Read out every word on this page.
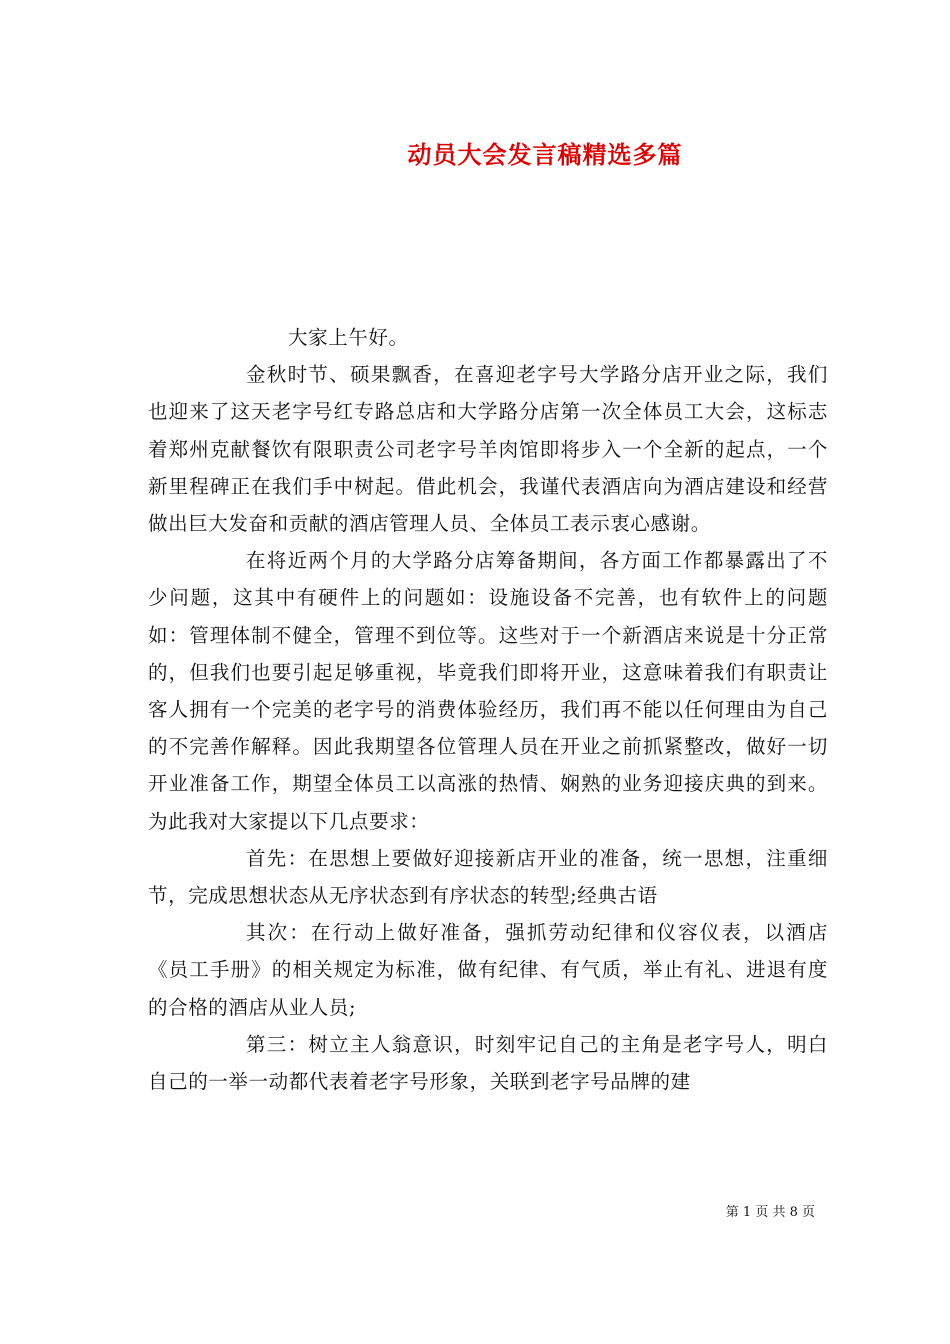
动员大会发言稿精选多篇

大家上午好。

金秋时节、硕果飘香，在喜迎老字号大学路分店开业之际，我们也迎来了这天老字号红专路总店和大学路分店第一次全体员工大会，这标志着郑州克献餐饮有限职责公司老字号羊肉馆即将步入一个全新的起点，一个新里程碑正在我们手中树起。借此机会，我谨代表酒店向为酒店建设和经营做出巨大发奋和贡献的酒店管理人员、全体员工表示衷心感谢。

在将近两个月的大学路分店筹备期间，各方面工作都暴露出了不少问题，这其中有硬件上的问题如：设施设备不完善，也有软件上的问题如：管理体制不健全，管理不到位等。这些对于一个新酒店来说是十分正常的，但我们也要引起足够重视，毕竟我们即将开业，这意味着我们有职责让客人拥有一个完美的老字号的消费体验经历，我们再不能以任何理由为自己的不完善作解释。因此我期望各位管理人员在开业之前抓紧整改，做好一切开业准备工作，期望全体员工以高涨的热情、娴熟的业务迎接庆典的到来。为此我对大家提以下几点要求：

首先：在思想上要做好迎接新店开业的准备，统一思想，注重细节，完成思想状态从无序状态到有序状态的转型;经典古语

其次：在行动上做好准备，强抓劳动纪律和仪容仪表，以酒店《员工手册》的相关规定为标准，做有纪律、有气质，举止有礼、进退有度的合格的酒店从业人员;

第三：树立主人翁意识，时刻牢记自己的主角是老字号人，明白自己的一举一动都代表着老字号形象，关联到老字号品牌的建

第 1 页 共 8 页
